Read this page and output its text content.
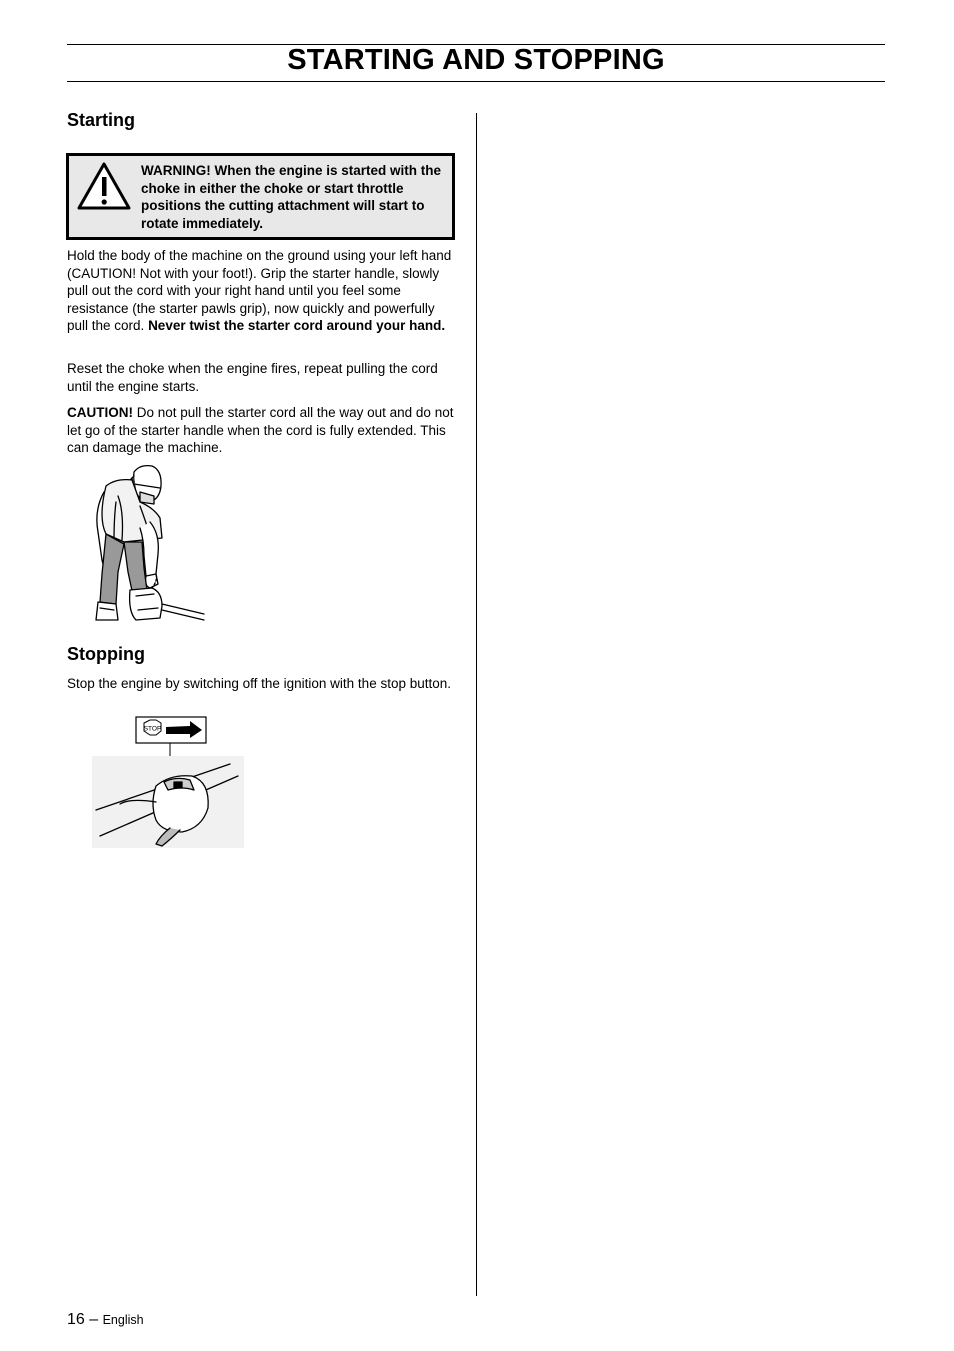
STARTING AND STOPPING
Starting
WARNING! When the engine is started with the choke in either the choke or start throttle positions the cutting attachment will start to rotate immediately.
Hold the body of the machine on the ground using your left hand (CAUTION! Not with your foot!). Grip the starter handle, slowly pull out the cord with your right hand until you feel some resistance (the starter pawls grip), now quickly and powerfully pull the cord. Never twist the starter cord around your hand.
Reset the choke when the engine fires, repeat pulling the cord until the engine starts.
CAUTION! Do not pull the starter cord all the way out and do not let go of the starter handle when the cord is fully extended. This can damage the machine.
Stopping
Stop the engine by switching off the ignition with the stop button.
STOP
16 – English
